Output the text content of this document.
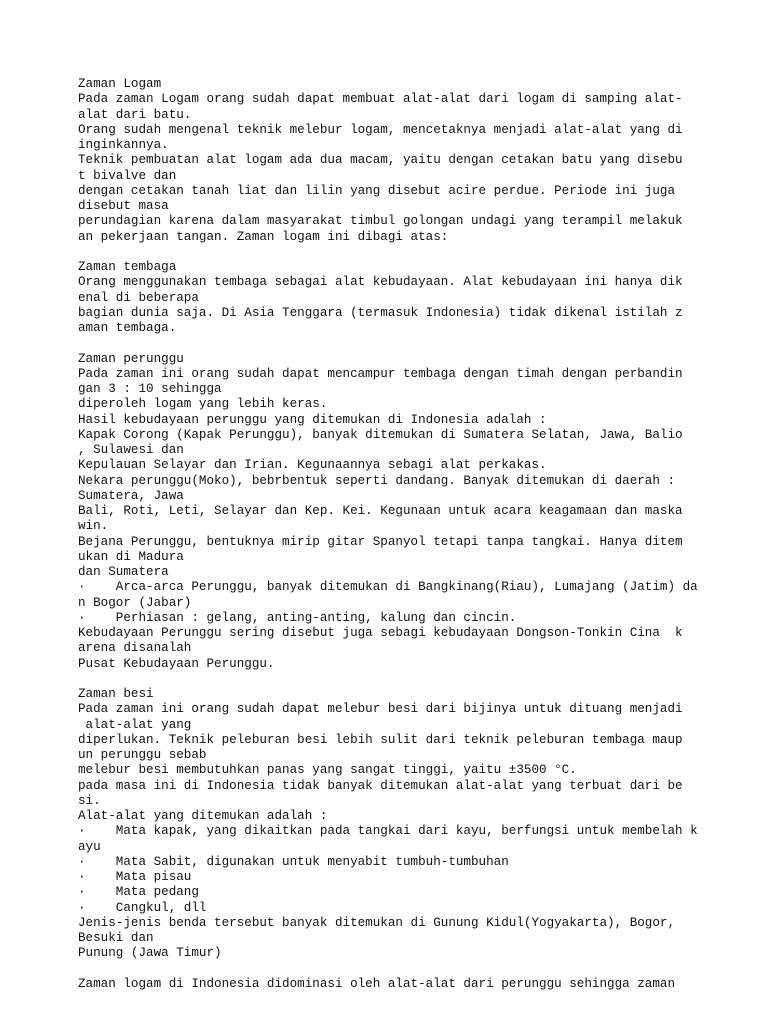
Zaman Logam
Pada zaman Logam orang sudah dapat membuat alat-alat dari logam di samping alat-
alat dari batu.
Orang sudah mengenal teknik melebur logam, mencetaknya menjadi alat-alat yang di
inginkannya.
Teknik pembuatan alat logam ada dua macam, yaitu dengan cetakan batu yang disebu
t bivalve dan
dengan cetakan tanah liat dan lilin yang disebut acire perdue. Periode ini juga
disebut masa
perundagian karena dalam masyarakat timbul golongan undagi yang terampil melakuk
an pekerjaan tangan. Zaman logam ini dibagi atas:
Zaman tembaga
Orang menggunakan tembaga sebagai alat kebudayaan. Alat kebudayaan ini hanya dik
enal di beberapa
bagian dunia saja. Di Asia Tenggara (termasuk Indonesia) tidak dikenal istilah z
aman tembaga.
Zaman perunggu
Pada zaman ini orang sudah dapat mencampur tembaga dengan timah dengan perbandin
gan 3 : 10 sehingga
diperoleh logam yang lebih keras.
Hasil kebudayaan perunggu yang ditemukan di Indonesia adalah :
Kapak Corong (Kapak Perunggu), banyak ditemukan di Sumatera Selatan, Jawa, Balio
, Sulawesi dan
Kepulauan Selayar dan Irian. Kegunaannya sebagi alat perkakas.
Nekara perunggu(Moko), bebrbentuk seperti dandang. Banyak ditemukan di daerah :
Sumatera, Jawa
Bali, Roti, Leti, Selayar dan Kep. Kei. Kegunaan untuk acara keagamaan dan maska
win.
Bejana Perunggu, bentuknya mirip gitar Spanyol tetapi tanpa tangkai. Hanya ditem
ukan di Madura
dan Sumatera
·    Arca-arca Perunggu, banyak ditemukan di Bangkinang(Riau), Lumajang (Jatim) da
n Bogor (Jabar)
·    Perhiasan : gelang, anting-anting, kalung dan cincin.
Kebudayaan Perunggu sering disebut juga sebagi kebudayaan Dongson-Tonkin Cina  k
arena disanalah
Pusat Kebudayaan Perunggu.
Zaman besi
Pada zaman ini orang sudah dapat melebur besi dari bijinya untuk dituang menjadi
alat-alat yang
diperlukan. Teknik peleburan besi lebih sulit dari teknik peleburan tembaga maup
un perunggu sebab
melebur besi membutuhkan panas yang sangat tinggi, yaitu ±3500 °C.
pada masa ini di Indonesia tidak banyak ditemukan alat-alat yang terbuat dari be
si.
Alat-alat yang ditemukan adalah :
·    Mata kapak, yang dikaitkan pada tangkai dari kayu, berfungsi untuk membelah k
ayu
·    Mata Sabit, digunakan untuk menyabit tumbuh-tumbuhan
·    Mata pisau
·    Mata pedang
·    Cangkul, dll
Jenis-jenis benda tersebut banyak ditemukan di Gunung Kidul(Yogyakarta), Bogor,
Besuki dan
Punung (Jawa Timur)
Zaman logam di Indonesia didominasi oleh alat-alat dari perunggu sehingga zaman
